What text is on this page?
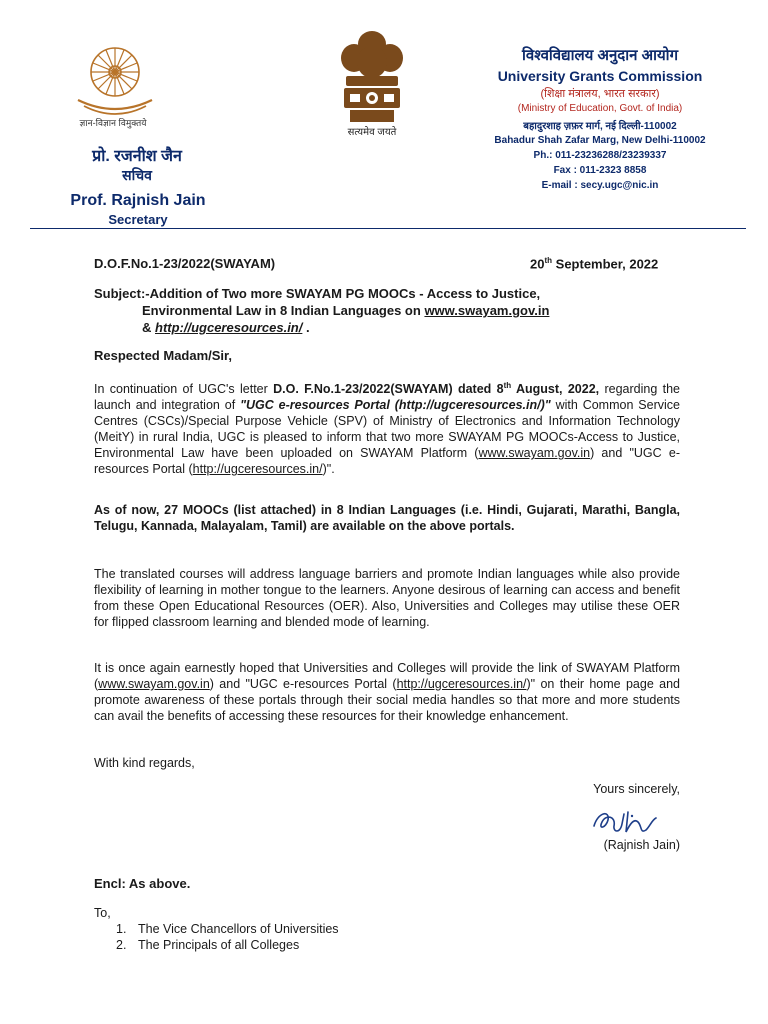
ज्ञान-विज्ञान विमुक्तये
सत्यमेव जयते
प्रो. रजनीश जैन
सचिव
Prof. Rajnish Jain
Secretary

विश्वविद्यालय अनुदान आयोग

University Grants Commission

(शिक्षा मंत्रालय, भारत सरकार)

(Ministry of Education, Govt. of India)

बहादुरशाह ज़फ़र मार्ग, नई दिल्ली-110002

Bahadur Shah Zafar Marg, New Delhi-110002

Ph.: 011-23236288/23239337

Fax : 011-2323 8858

E-mail : secy.ugc@nic.in

D.O.F.No.1-23/2022(SWAYAM)	20th September, 2022
Subject:-Addition of Two more SWAYAM PG MOOCs - Access to Justice,
Environmental Law in 8 Indian Languages on www.swayam.gov.in
& http://ugceresources.in/ .
Respected Madam/Sir,

In continuation of UGC's letter D.O. F.No.1-23/2022(SWAYAM) dated 8th August, 2022, regarding the launch and integration of "UGC e-resources Portal (http://ugceresources.in/)" with Common Service Centres (CSCs)/Special Purpose Vehicle (SPV) of Ministry of Electronics and Information Technology (MeitY) in rural India, UGC is pleased to inform that two more SWAYAM PG MOOCs-Access to Justice, Environmental Law have been uploaded on SWAYAM Platform (www.swayam.gov.in) and "UGC e-resources Portal (http://ugceresources.in/)".

As of now, 27 MOOCs (list attached) in 8 Indian Languages (i.e. Hindi, Gujarati, Marathi, Bangla, Telugu, Kannada, Malayalam, Tamil) are available on the above portals.

The translated courses will address language barriers and promote Indian languages while also provide flexibility of learning in mother tongue to the learners. Anyone desirous of learning can access and benefit from these Open Educational Resources (OER). Also, Universities and Colleges may utilise these OER for flipped classroom learning and blended mode of learning.

It is once again earnestly hoped that Universities and Colleges will provide the link of SWAYAM Platform (www.swayam.gov.in) and "UGC e-resources Portal (http://ugceresources.in/)" on their home page and promote awareness of these portals through their social media handles so that more and more students can avail the benefits of accessing these resources for their knowledge enhancement.

With kind regards,
Yours sincerely,
(Rajnish Jain)
Encl: As above.
To,
1. The Vice Chancellors of Universities
2. The Principals of all Colleges
